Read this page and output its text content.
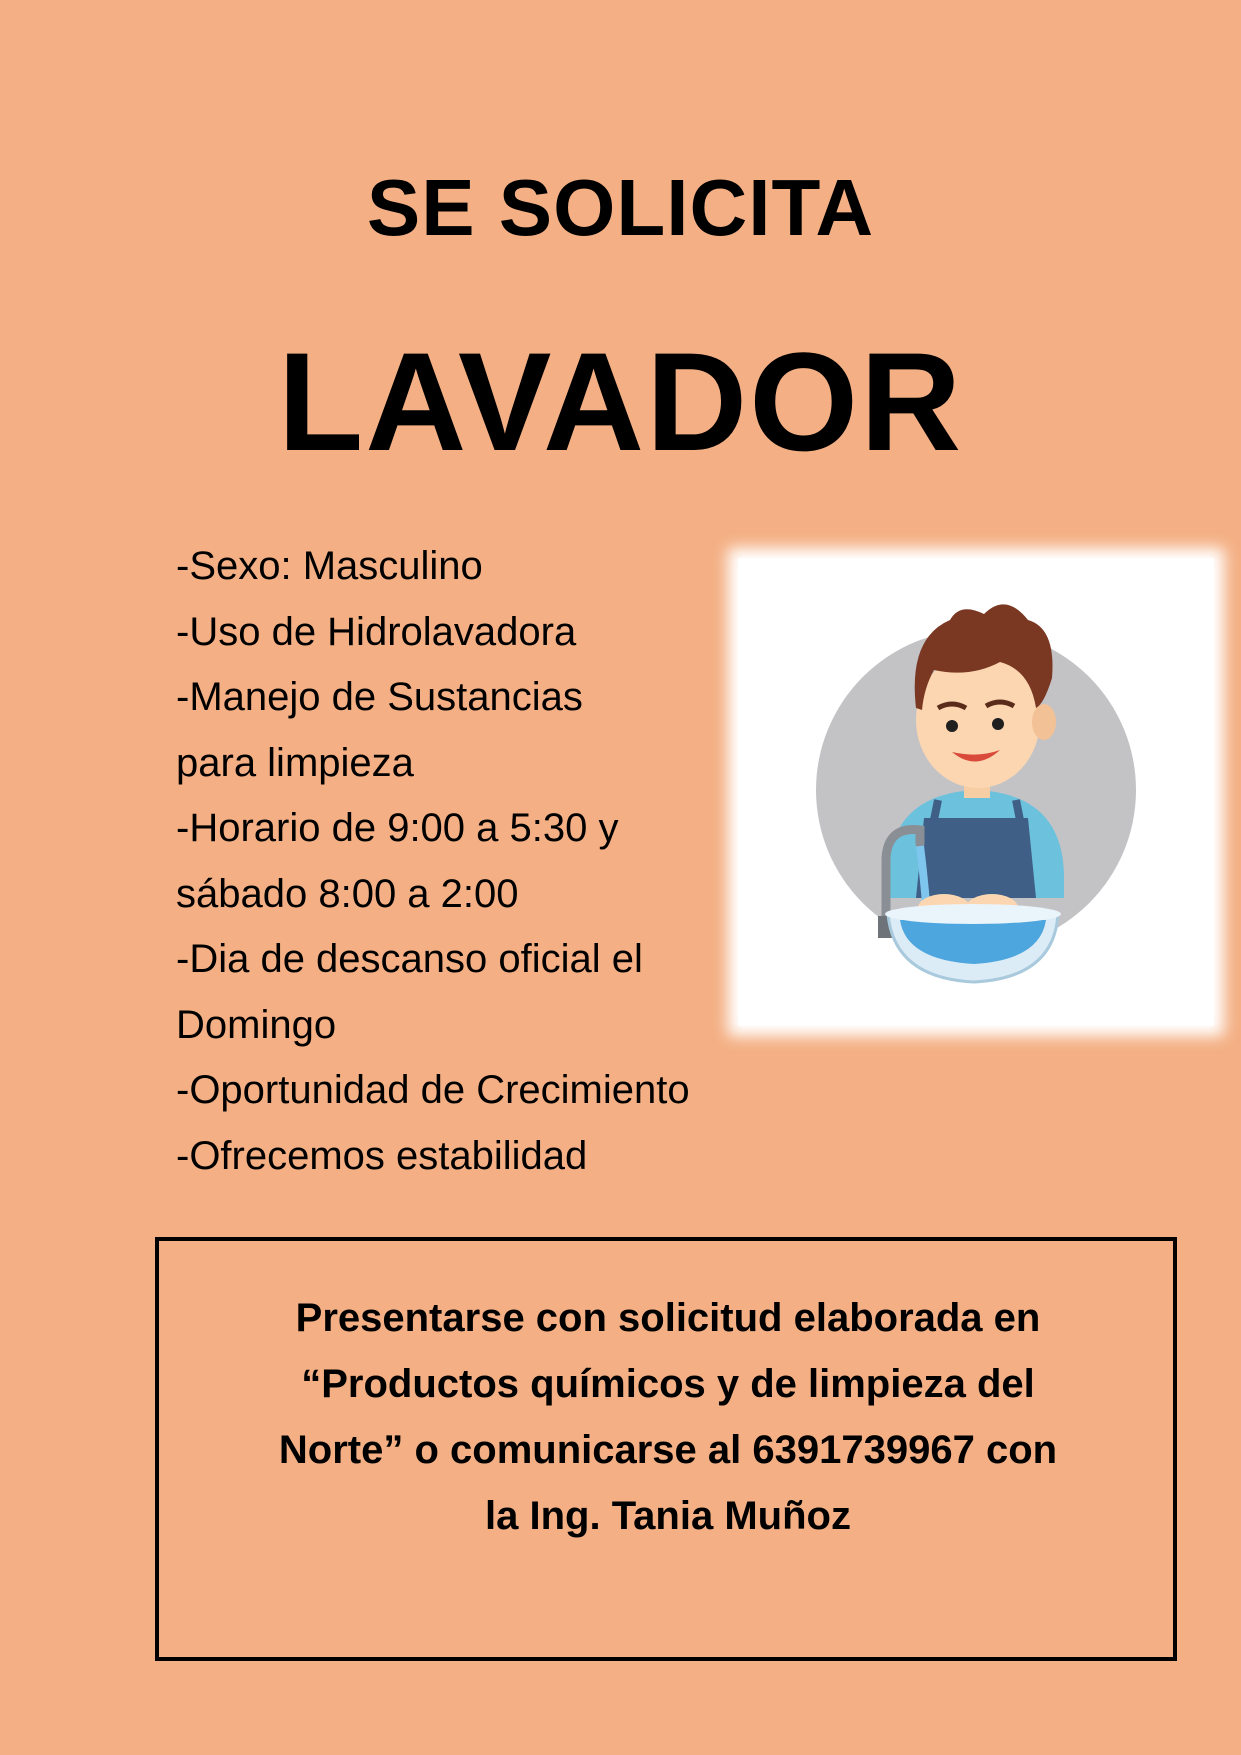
SE SOLICITA
LAVADOR
-Sexo: Masculino
-Uso de Hidrolavadora
-Manejo de Sustancias
para limpieza
-Horario de 9:00 a 5:30 y
sábado 8:00 a 2:00
-Dia de descanso oficial el
Domingo
-Oportunidad de Crecimiento
-Ofrecemos estabilidad

Presentarse con solicitud elaborada en
“Productos químicos y de limpieza del
Norte” o comunicarse al 6391739967 con
la Ing. Tania Muñoz
